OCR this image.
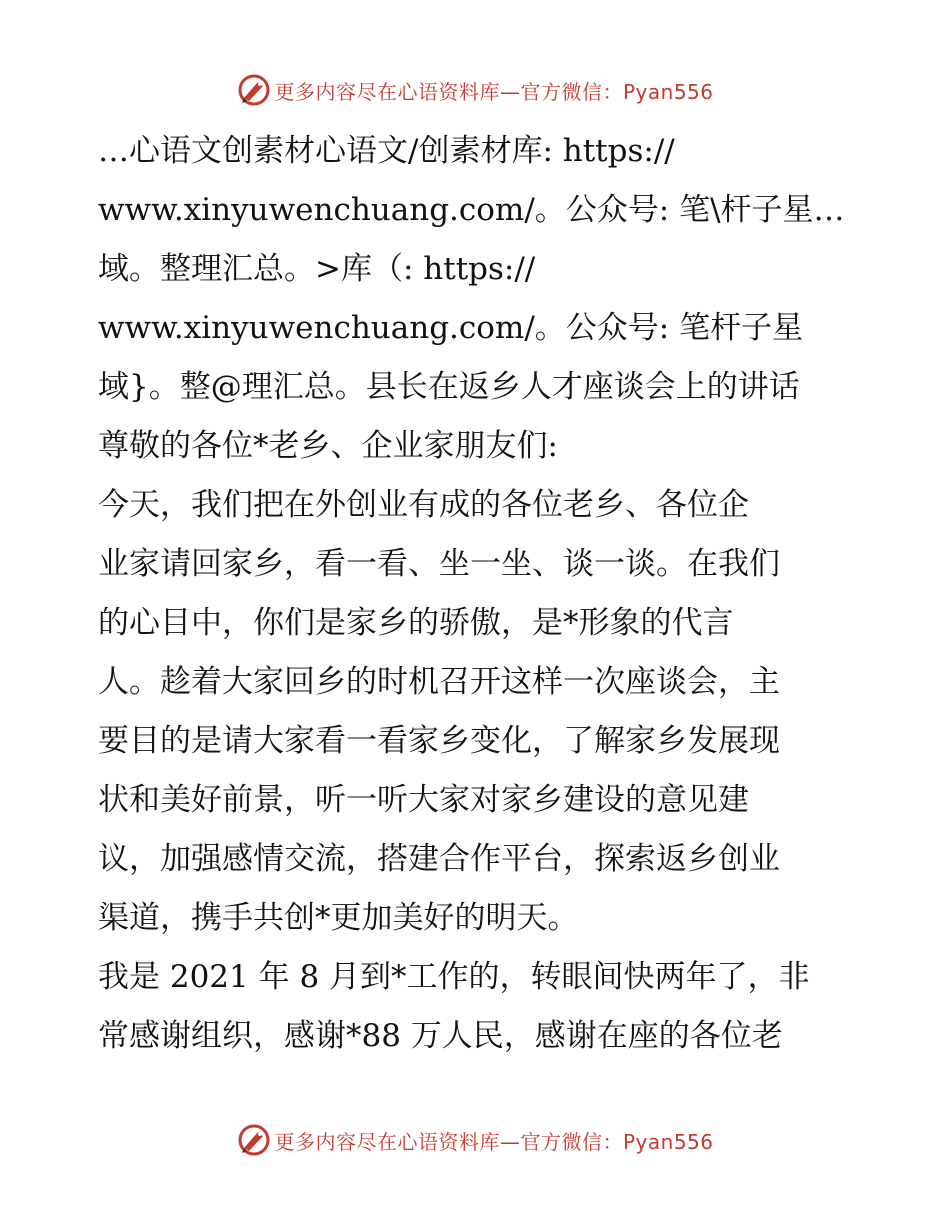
更多内容尽在心语资料库—官方微信：Pyan556
…心语文创素材心语文/创素材库: https://
www.xinyuwenchuang.com/。公众号: 笔\杆子星…
域。整理汇总。>库（: https://
www.xinyuwenchuang.com/。公众号: 笔杆子星
域}。整@理汇总。县长在返乡人才座谈会上的讲话
尊敬的各位*老乡、企业家朋友们:
今天，我们把在外创业有成的各位老乡、各位企
业家请回家乡，看一看、坐一坐、谈一谈。在我们
的心目中，你们是家乡的骄傲，是*形象的代言
人。趁着大家回乡的时机召开这样一次座谈会，主
要目的是请大家看一看家乡变化，了解家乡发展现
状和美好前景，听一听大家对家乡建设的意见建
议，加强感情交流，搭建合作平台，探索返乡创业
渠道，携手共创*更加美好的明天。
我是 2021 年 8 月到*工作的，转眼间快两年了，非
常感谢组织，感谢*88 万人民，感谢在座的各位老
更多内容尽在心语资料库—官方微信：Pyan556
